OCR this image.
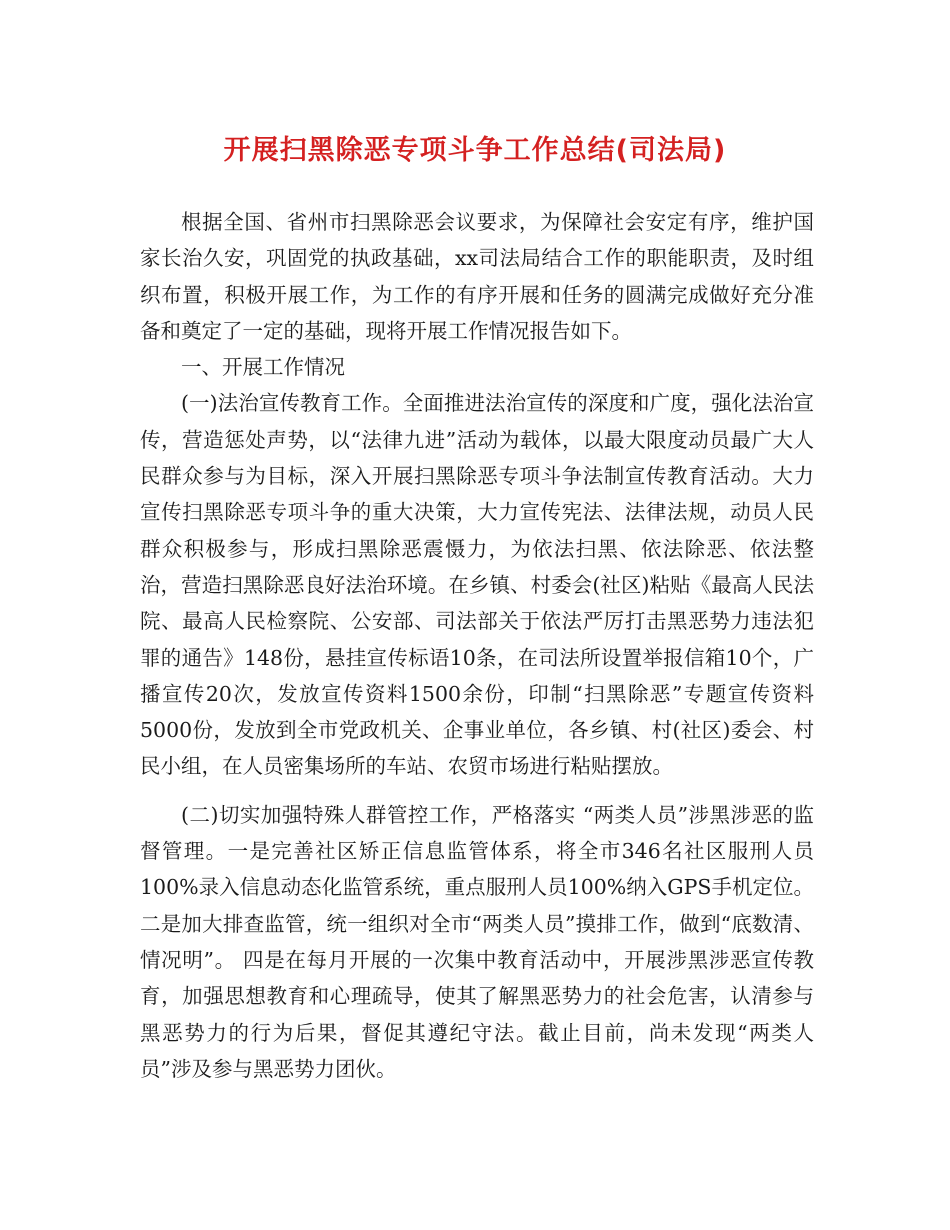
开展扫黑除恶专项斗争工作总结(司法局)

根据全国、省州市扫黑除恶会议要求，为保障社会安定有序，维护国家长治久安，巩固党的执政基础，xx司法局结合工作的职能职责，及时组织布置，积极开展工作，为工作的有序开展和任务的圆满完成做好充分准备和奠定了一定的基础，现将开展工作情况报告如下。

一、开展工作情况

(一)法治宣传教育工作。全面推进法治宣传的深度和广度，强化法治宣传，营造惩处声势，以“法律九进”活动为载体，以最大限度动员最广大人民群众参与为目标，深入开展扫黑除恶专项斗争法制宣传教育活动。大力宣传扫黑除恶专项斗争的重大决策，大力宣传宪法、法律法规，动员人民群众积极参与，形成扫黑除恶震慑力，为依法扫黑、依法除恶、依法整治，营造扫黑除恶良好法治环境。在乡镇、村委会(社区)粘贴《最高人民法院、最高人民检察院、公安部、司法部关于依法严厉打击黑恶势力违法犯罪的通告》148份，悬挂宣传标语10条，在司法所设置举报信箱10个，广播宣传20次，发放宣传资料1500余份，印制“扫黑除恶”专题宣传资料5000份，发放到全市党政机关、企事业单位，各乡镇、村(社区)委会、村民小组，在人员密集场所的车站、农贸市场进行粘贴摆放。

(二)切实加强特殊人群管控工作，严格落实 “两类人员”涉黑涉恶的监督管理。一是完善社区矫正信息监管体系，将全市346名社区服刑人员100%录入信息动态化监管系统，重点服刑人员100%纳入GPS手机定位。二是加大排查监管，统一组织对全市“两类人员”摸排工作，做到“底数清、情况明”。 四是在每月开展的一次集中教育活动中，开展涉黑涉恶宣传教育，加强思想教育和心理疏导，使其了解黑恶势力的社会危害，认清参与黑恶势力的行为后果，督促其遵纪守法。截止目前，尚未发现“两类人员”涉及参与黑恶势力团伙。
